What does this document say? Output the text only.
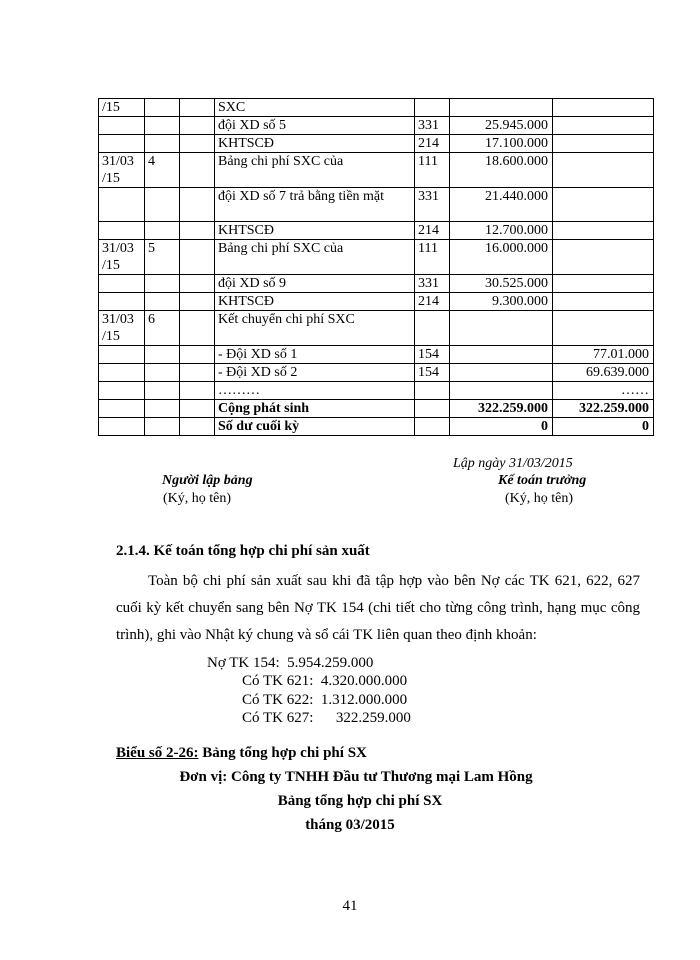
/15			SXC			
			đội XD số 5	331	25.945.000	
			KHTSCĐ	214	17.100.000	
31/03 /15	4		Bảng chi phí SXC của	111	18.600.000	
			đội XD số 7 trả bằng tiền mặt	331	21.440.000	
			KHTSCĐ	214	12.700.000	
31/03 /15	5		Bảng chi phí SXC của	111	16.000.000	
			đội XD số 9	331	30.525.000	
			KHTSCĐ	214	9.300.000	
31/03 /15	6		Kết chuyển chi phí SXC			
			- Đội XD số 1	154		77.01.000
			- Đội XD số 2	154		69.639.000
			………			……
			Cộng phát sinh		322.259.000	322.259.000
			Số dư cuối kỳ		0	0
Lập ngày 31/03/2015
Người lập bảng
(Ký, họ tên)
Kế toán trưởng
(Ký, họ tên)
2.1.4. Kế toán tổng hợp chi phí sản xuất

Toàn bộ chi phí sản xuất sau khi đã tập hợp vào bên Nợ các TK 621, 622, 627 cuối kỳ kết chuyển sang bên Nợ TK 154 (chi tiết cho từng công trình, hạng mục công trình), ghi vào Nhật ký chung và sổ cái TK liên quan theo định khoản:

Nợ TK 154:  5.954.259.000
Có TK 621:  4.320.000.000
Có TK 622:  1.312.000.000
Có TK 627:      322.259.000
Biểu số 2-26: Bảng tổng hợp chi phí SX
Đơn vị: Công ty TNHH Đầu tư Thương mại Lam Hồng
Bảng tổng hợp chi phí SX
tháng 03/2015
41
